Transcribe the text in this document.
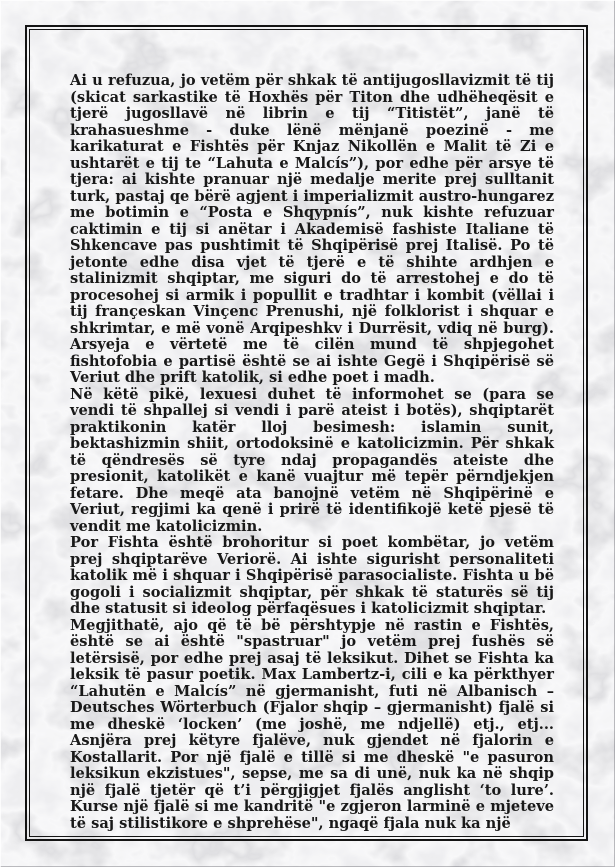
Ai u refuzua, jo vetëm për shkak të antijugosllavizmit të tij (skicat sarkastike të Hoxhës për Titon dhe udhëheqësit e tjerë jugosllavë në librin e tij “Titistët”, janë të krahasueshme - duke lënë mënjanë poezinë - me karikaturat e Fishtës për Knjaz Nikollën e Malit të Zi e ushtarët e tij te “Lahuta e Malcís”), por edhe për arsye të tjera: ai kishte pranuar një medalje merite prej sulltanit turk, pastaj qe bërë agjent i imperializmit austro-hungarez me botimin e “Posta e Shqypnís”, nuk kishte refuzuar caktimin e tij si anëtar i Akademisë fashiste Italiane të Shkencave pas pushtimit të Shqipërisë prej Italisë. Po të jetonte edhe disa vjet të tjerë e të shihte ardhjen e stalinizmit shqiptar, me siguri do të arrestohej e do të procesohej si armik i popullit e tradhtar i kombit (vëllai i tij françeskan Vinçenc Prenushi, një folklorist i shquar e shkrimtar, e më vonë Arqipeshkv i Durrësit, vdiq në burg). Arsyeja e vërtetë me të cilën mund të shpjegohet fishtofobia e partisë është se ai ishte Gegë i Shqipërisë së Veriut dhe prift katolik, si edhe poet i madh.

Në këtë pikë, lexuesi duhet të informohet se (para se vendi të shpallej si vendi i parë ateist i botës), shqiptarët praktikonin katër lloj besimesh: islamin sunit, bektashizmin shiit, ortodoksinë e katolicizmin. Për shkak të qëndresës së tyre ndaj propagandës ateiste dhe presionit, katolikët e kanë vuajtur më tepër përndjekjen fetare. Dhe meqë ata banojnë vetëm në Shqipërinë e Veriut, regjimi ka qenë i prirë të identifikojë ketë pjesë të vendit me katolicizmin.

Por Fishta është brohoritur si poet kombëtar, jo vetëm prej shqiptarëve Veriorë. Ai ishte sigurisht personaliteti katolik më i shquar i Shqipërisë parasocialiste. Fishta u bë gogoli i socializmit shqiptar, për shkak të staturës së tij dhe statusit si ideolog përfaqësues i katolicizmit shqiptar.

Megjithatë, ajo që të bë përshtypje në rastin e Fishtës, është se ai është "spastruar" jo vetëm prej fushës së letërsisë, por edhe prej asaj të leksikut. Dihet se Fishta ka leksik të pasur poetik. Max Lambertz-i, cili e ka përkthyer “Lahutën e Malcís” në gjermanisht, futi në Albanisch – Deutsches Wörterbuch (Fjalor shqip – gjermanisht) fjalë si me dheskë ‘locken’ (me joshë, me ndjellë) etj., etj... Asnjëra prej këtyre fjalëve, nuk gjendet në fjalorin e Kostallarit. Por një fjalë e tillë si me dheskë "e pasuron leksikun ekzistues", sepse, me sa di unë, nuk ka në shqip një fjalë tjetër që t’i përgjigjet fjalës anglisht ‘to lure’. Kurse një fjalë si me kandritë "e zgjeron larminë e mjeteve të saj stilistikore e shprehëse", ngaqë fjala nuk ka një
